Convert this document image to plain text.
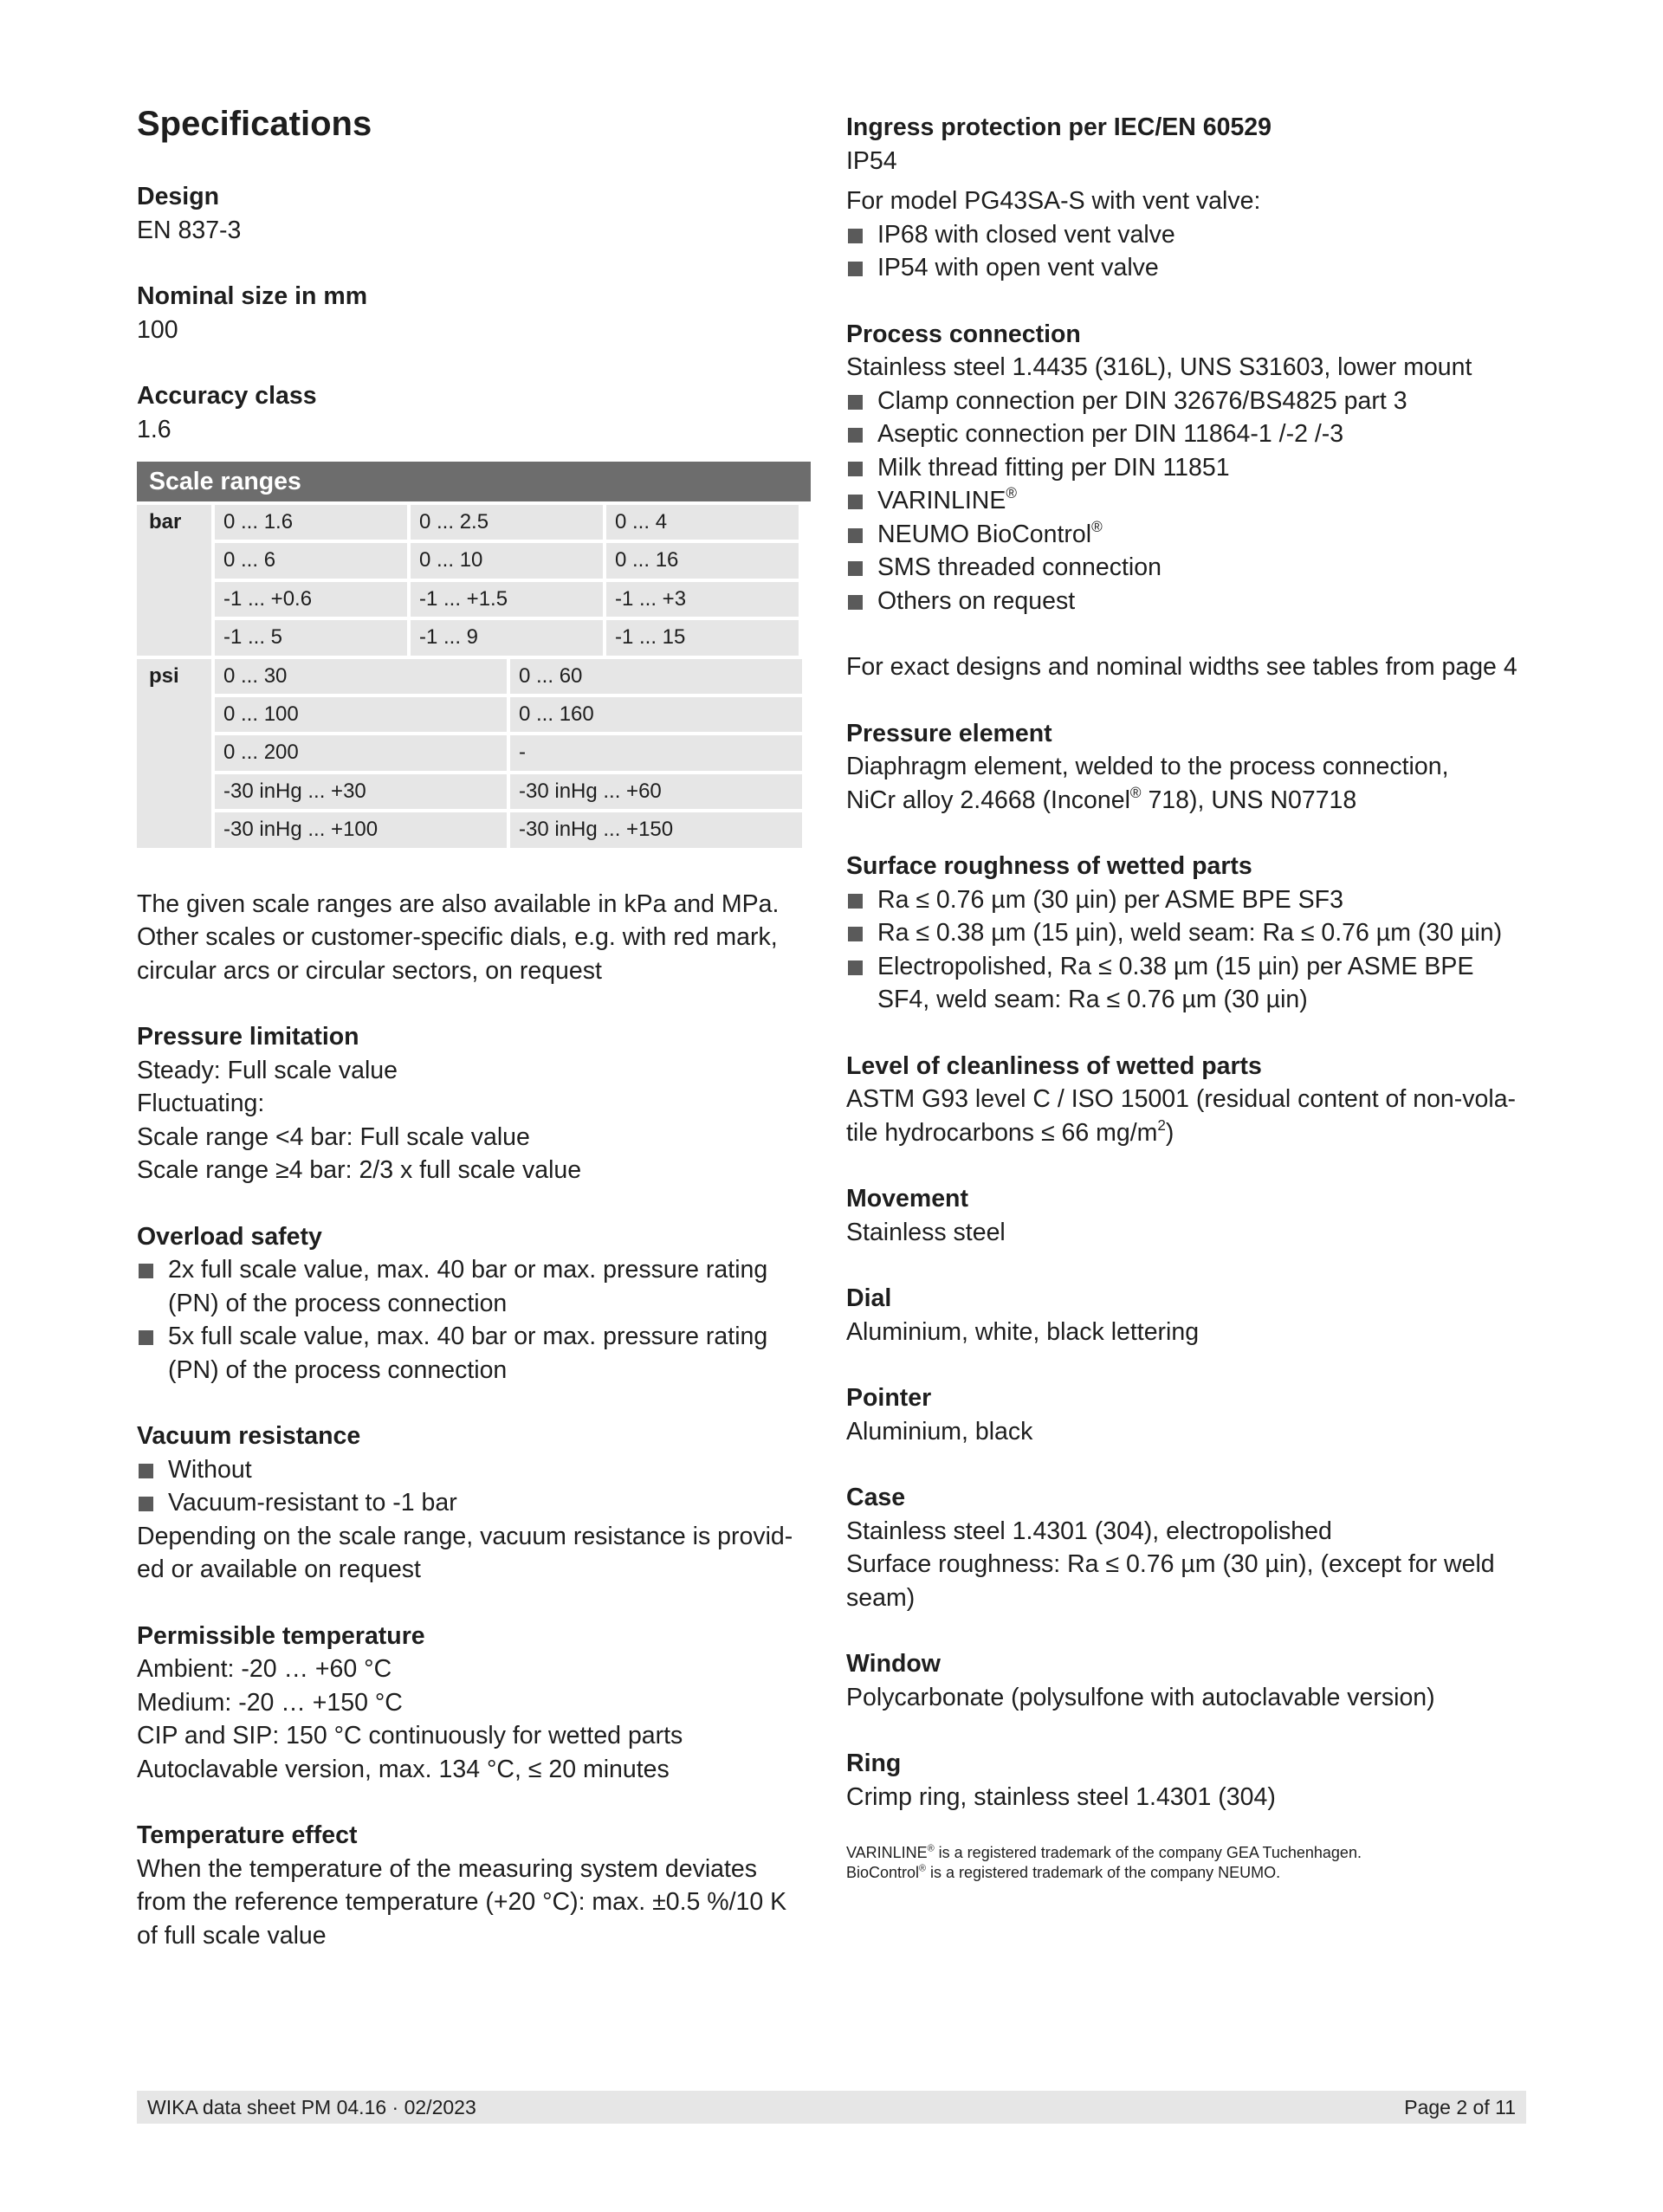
Specifications
Design
EN 837-3
Nominal size in mm
100
Accuracy class
1.6
Scale ranges
bar	0 ... 1.6	0 ... 2.5	0 ... 4
0 ... 6	0 ... 10	0 ... 16
-1 ... +0.6	-1 ... +1.5	-1 ... +3
-1 ... 5	-1 ... 9	-1 ... 15
psi	0 ... 30	0 ... 60
0 ... 100	0 ... 160
0 ... 200	-
-30 inHg ... +30	-30 inHg ... +60
-30 inHg ... +100	-30 inHg ... +150
The given scale ranges are also available in kPa and MPa.
Other scales or customer-specific dials, e.g. with red mark,
circular arcs or circular sectors, on request
Pressure limitation
Steady: Full scale value
Fluctuating:
Scale range <4 bar: Full scale value
Scale range ≥4 bar: 2/3 x full scale value
Overload safety
2x full scale value, max. 40 bar or max. pressure rating (PN) of the process connection
5x full scale value, max. 40 bar or max. pressure rating (PN) of the process connection
Vacuum resistance
Without
Vacuum-resistant to -1 bar
Depending on the scale range, vacuum resistance is provid-ed or available on request
Permissible temperature
Ambient: -20 … +60 °C
Medium: -20 … +150 °C
CIP and SIP: 150 °C continuously for wetted parts
Autoclavable version, max. 134 °C, ≤ 20 minutes
Temperature effect
When the temperature of the measuring system deviates
from the reference temperature (+20 °C): max. ±0.5 %/10 K
of full scale value
Ingress protection per IEC/EN 60529
IP54
For model PG43SA-S with vent valve:
IP68 with closed vent valve
IP54 with open vent valve
Process connection
Stainless steel 1.4435 (316L), UNS S31603, lower mount
Clamp connection per DIN 32676/BS4825 part 3
Aseptic connection per DIN 11864-1 /-2 /-3
Milk thread fitting per DIN 11851
VARINLINE®
NEUMO BioControl®
SMS threaded connection
Others on request
For exact designs and nominal widths see tables from page 4
Pressure element
Diaphragm element, welded to the process connection,
NiCr alloy 2.4668 (Inconel® 718), UNS N07718
Surface roughness of wetted parts
Ra ≤ 0.76 µm (30 µin) per ASME BPE SF3
Ra ≤ 0.38 µm (15 µin), weld seam: Ra ≤ 0.76 µm (30 µin)
Electropolished, Ra ≤ 0.38 µm (15 µin) per ASME BPE SF4, weld seam: Ra ≤ 0.76 µm (30 µin)
Level of cleanliness of wetted parts
ASTM G93 level C / ISO 15001 (residual content of non-vola-
tile hydrocarbons ≤ 66 $mg/m^2$)
Movement
Stainless steel
Dial
Aluminium, white, black lettering
Pointer
Aluminium, black
Case
Stainless steel 1.4301 (304), electropolished
Surface roughness: Ra ≤ 0.76 µm (30 µin), (except for weld
seam)
Window
Polycarbonate (polysulfone with autoclavable version)
Ring
Crimp ring, stainless steel 1.4301 (304)
VARINLINE® is a registered trademark of the company GEA Tuchenhagen.
BioControl® is a registered trademark of the company NEUMO.
WIKA data sheet PM 04.16 · 02/2023	Page 2 of 11
